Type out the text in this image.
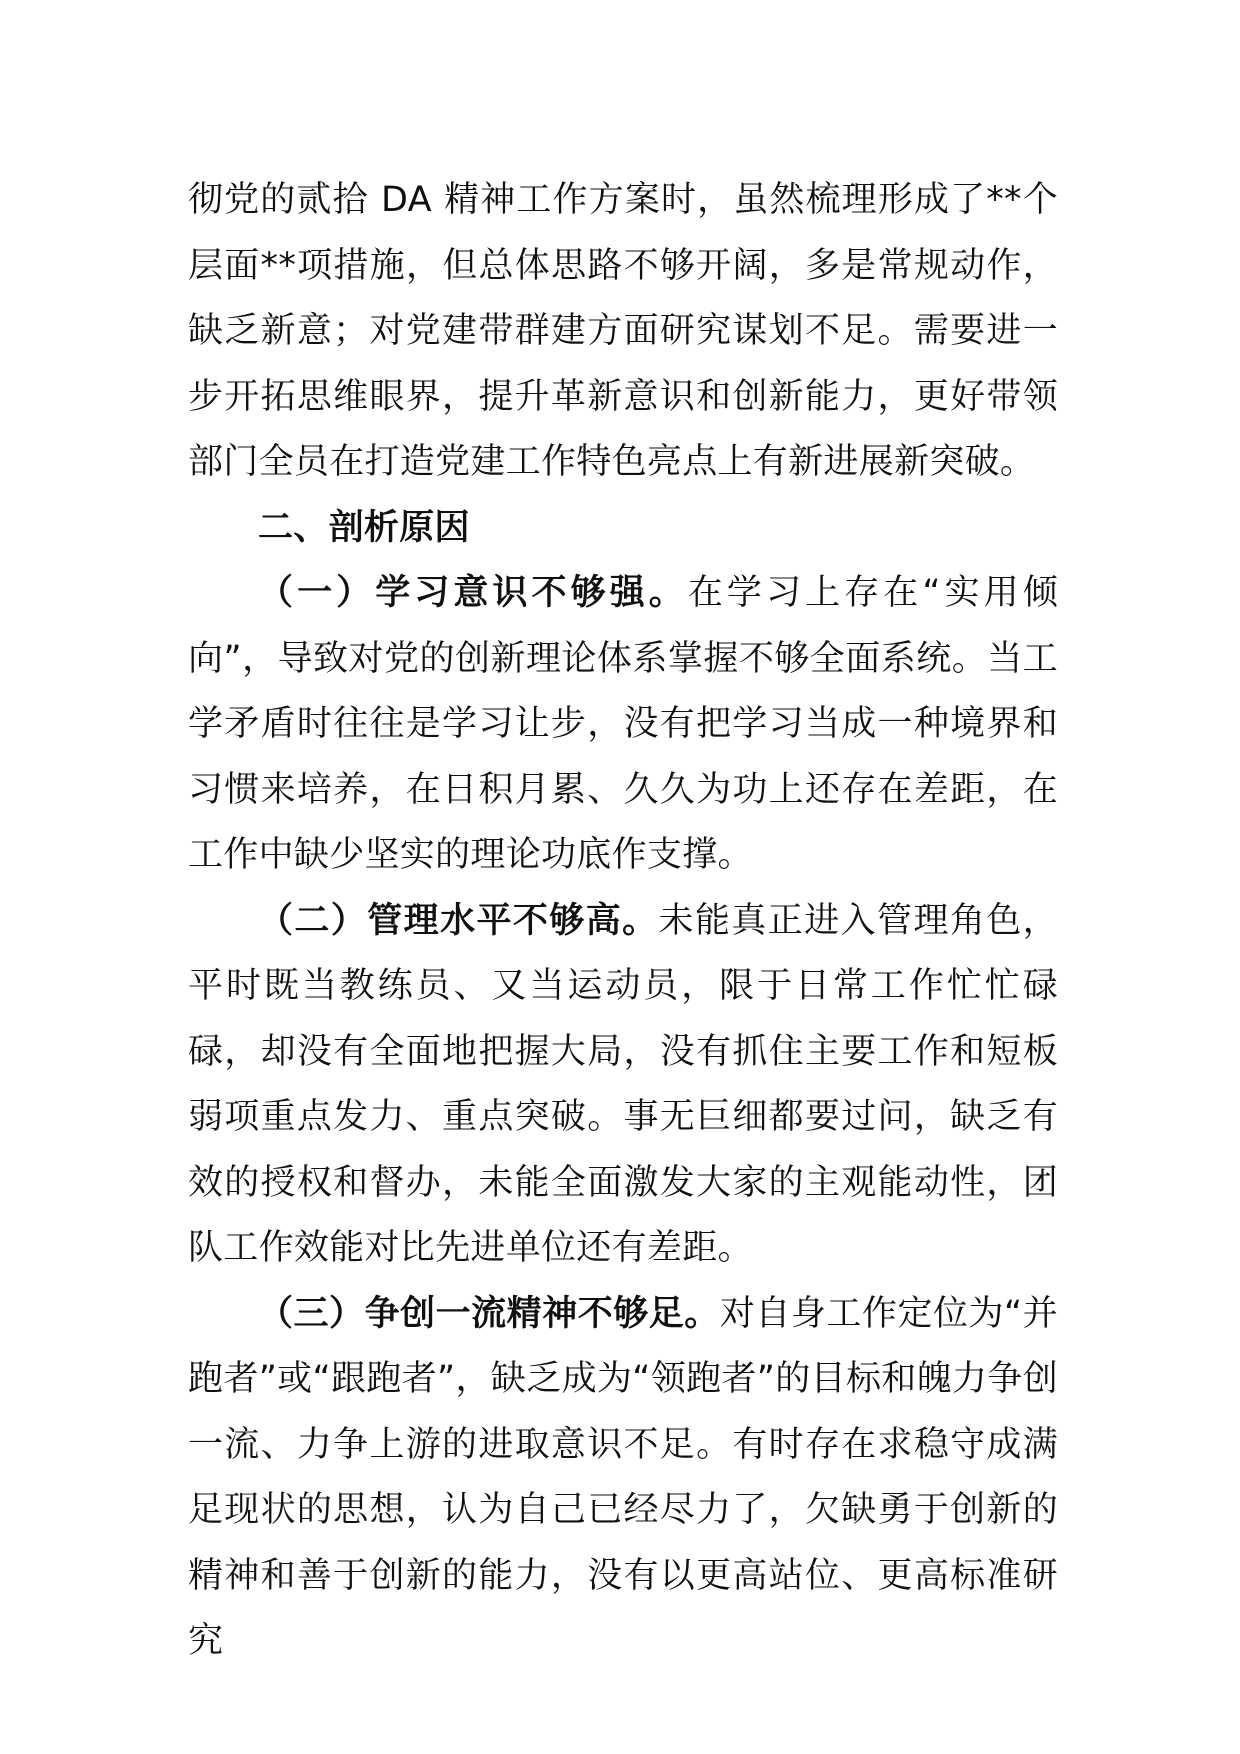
彻党的贰拾 DA 精神工作方案时，虽然梳理形成了**个层面**项措施，但总体思路不够开阔，多是常规动作，缺乏新意；对党建带群建方面研究谋划不足。需要进一步开拓思维眼界，提升革新意识和创新能力，更好带领部门全员在打造党建工作特色亮点上有新进展新突破。

二、剖析原因

（一）学习意识不够强。在学习上存在“实用倾向”，导致对党的创新理论体系掌握不够全面系统。当工学矛盾时往往是学习让步，没有把学习当成一种境界和习惯来培养，在日积月累、久久为功上还存在差距，在工作中缺少坚实的理论功底作支撑。

（二）管理水平不够高。未能真正进入管理角色，平时既当教练员、又当运动员，限于日常工作忙忙碌碌，却没有全面地把握大局，没有抓住主要工作和短板弱项重点发力、重点突破。事无巨细都要过问，缺乏有效的授权和督办，未能全面激发大家的主观能动性，团队工作效能对比先进单位还有差距。

（三）争创一流精神不够足。对自身工作定位为“并跑者”或“跟跑者”，缺乏成为“领跑者”的目标和魄力争创一流、力争上游的进取意识不足。有时存在求稳守成满足现状的思想，认为自己已经尽力了，欠缺勇于创新的精神和善于创新的能力，没有以更高站位、更高标准研究
